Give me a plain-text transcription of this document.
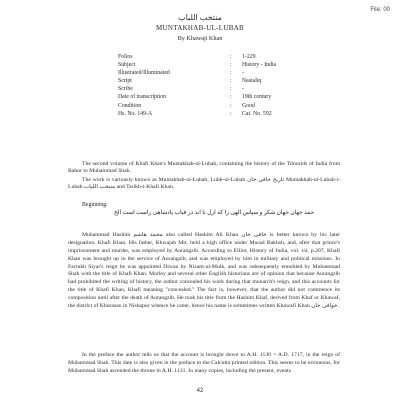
File: 00
منتخب اللباب
MUNTAKHAB-UL-LUBAB
By Khawaji Khan
Folios	:	1-229
Subject	:	History - India
Illustrated/Illuminated	:	-
Script	:	Nastaliq
Scribe	:	-
Date of transcription	:	19th century
Condition	:	Good
Hs. No. 149-A	:	Cat. No. 592

The second volume of Khafi Khan's Muntakhab-ul-Lubab, containing the history of the Timurids of India from Babur to Muhammad Shah.

The work is variously known as Muntakhab-ul-Lubab, Lubb-ul-Lubab تاریخ خافی خان Muntakhab-ul-Lubab-i-Lubab منتخب اللباب and Tarikh-i-Khafi Khan.

Beginning:
حمد جهان جهان شکر و سپاس الهی را که ازل تا ابد در قباب پادشاهی راست است الخ

Muhammad Hashim محمد هاشم also called Hashim Ali Khan خافی خان is better known by his later designation, Khafi Khan. His father, Khwajah Mir, held a high office under Murad Bakhsh, and, after that prince's imprisonment and murder, was employed by Aurangzib. According to Elliot, History of India, vol. vii, p.207, Khafi Khan was brought up in the service of Aurangzib, and was employed by him in military and political missions. In Farrukh Siyar's reign he was appointed Diwan by Nizam-ul-Mulk, and was subsequently ennobled by Muhammad Shah with the title of Khafi Khan. Morley and several other English historians are of opinion that because Aurangzib had prohibited the writing of history, the author concealed his work during that monarch's reign, and this accounts for the title of Khafi Khan, Khafi meaning "concealed." The fact is, however, that the author did not commence its composition until after the death of Aurangzib. He took his title from the Hashim Khaf, derived from Khaf or Khawaf, the district of Khurasan in Nishapur whence he came, hence his name is sometimes written Khawafi Khan خوافی خان.

In the preface the author tells us that the account is brought down to A.H. 1130 = A.D. 1717, in the reign of Muhammad Shah. This date is also given in the preface to the Calcutta printed edition. This seems to be erroneous, for Muhammad Shah ascended the throne in A.H. 1131. In many copies, including the present, events

42
